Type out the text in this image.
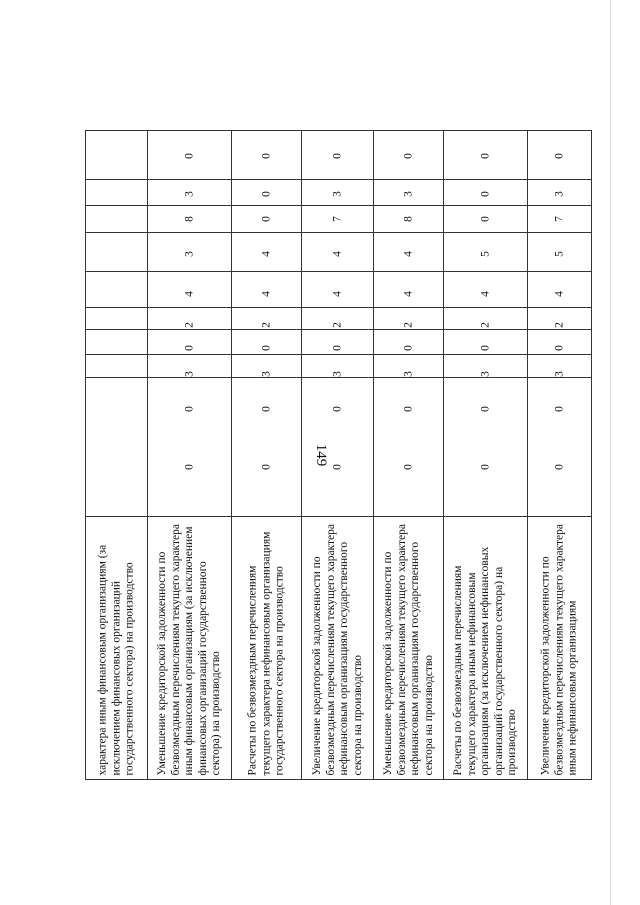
149
характера иным финансовым организациям (за исключением финансовых организаций государственного сектора) на производство Уменьшение кредиторской задолженности по безвозмездным перечислениям текущего характера иным финансовым организациям (за исключением финансовых организаций государственного сектора) на производство
0
0
3
0
2
4
3
8
3
0
Расчеты по безвозмездным перечислениям текущего характера нефинансовым организациям государственного сектора на производство
0
0
3
0
2
4
4
0
0
0
Увеличение кредиторской задолженности по безвозмездным перечислениям текущего характера нефинансовым организациям государственного сектора на производство
0
0
3
0
2
4
4
7
3
0
Уменьшение кредиторской задолженности по безвозмездным перечислениям текущего характера нефинансовым организациям государственного сектора на производство
0
0
3
0
2
4
4
8
3
0
Расчеты по безвозмездным перечислениям текущего характера иным нефинансовым организациям (за исключением нефинансовых организаций государственного сектора) на производство
0
0
3
0
2
4
5
0
0
0
Увеличение кредиторской задолженности по безвозмездным перечислениям текущего характера иным нефинансовым организациям
0
0
3
0
2
4
5
7
3
0
